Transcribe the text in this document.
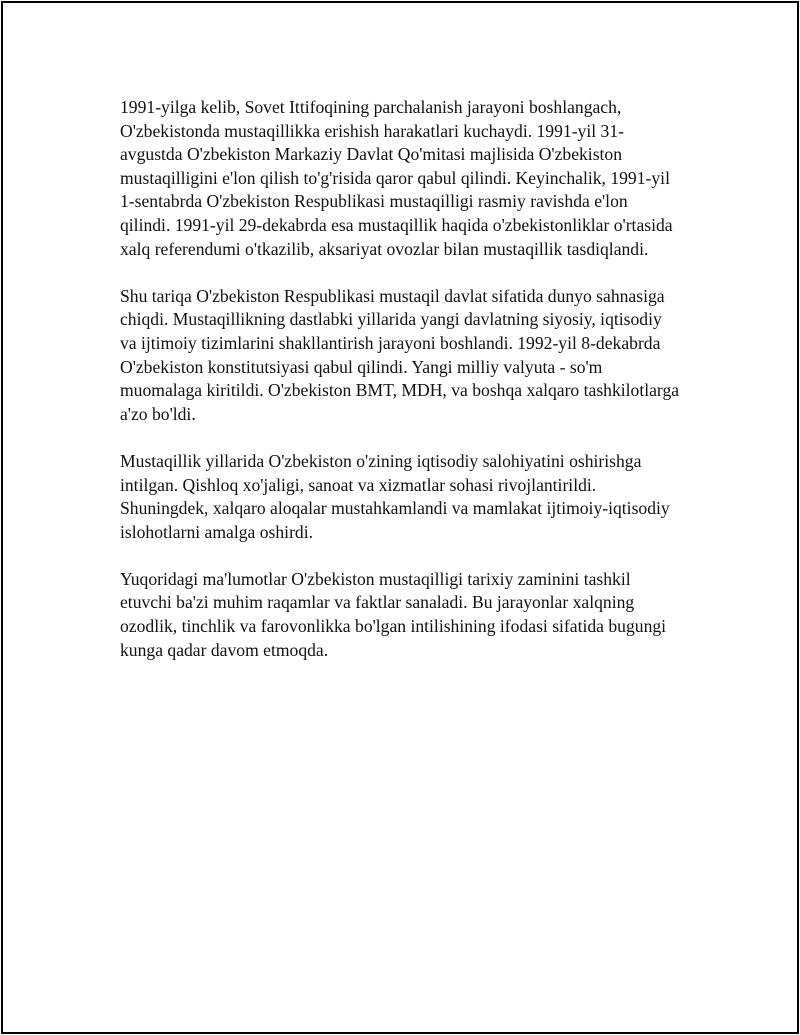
1991-yilga kelib, Sovet Ittifoqining parchalanish jarayoni boshlangach, O'zbekistonda mustaqillikka erishish harakatlari kuchaydi. 1991-yil 31-avgustda O'zbekiston Markaziy Davlat Qo'mitasi majlisida O'zbekiston mustaqilligini e'lon qilish to'g'risida qaror qabul qilindi. Keyinchalik, 1991-yil 1-sentabrda O'zbekiston Respublikasi mustaqilligi rasmiy ravishda e'lon qilindi. 1991-yil 29-dekabrda esa mustaqillik haqida o'zbekistonliklar o'rtasida xalq referendumi o'tkazilib, aksariyat ovozlar bilan mustaqillik tasdiqlandi.

Shu tariqa O'zbekiston Respublikasi mustaqil davlat sifatida dunyo sahnasiga chiqdi. Mustaqillikning dastlabki yillarida yangi davlatning siyosiy, iqtisodiy va ijtimoiy tizimlarini shakllantirish jarayoni boshlandi. 1992-yil 8-dekabrda O'zbekiston konstitutsiyasi qabul qilindi. Yangi milliy valyuta - so'm muomalaga kiritildi. O'zbekiston BMT, MDH, va boshqa xalqaro tashkilotlarga a'zo bo'ldi.

Mustaqillik yillarida O'zbekiston o'zining iqtisodiy salohiyatini oshirishga intilgan. Qishloq xo'jaligi, sanoat va xizmatlar sohasi rivojlantirildi. Shuningdek, xalqaro aloqalar mustahkamlandi va mamlakat ijtimoiy-iqtisodiy islohotlarni amalga oshirdi.

Yuqoridagi ma'lumotlar O'zbekiston mustaqilligi tarixiy zaminini tashkil etuvchi ba'zi muhim raqamlar va faktlar sanaladi. Bu jarayonlar xalqning ozodlik, tinchlik va farovonlikka bo'lgan intilishining ifodasi sifatida bugungi kunga qadar davom etmoqda.
